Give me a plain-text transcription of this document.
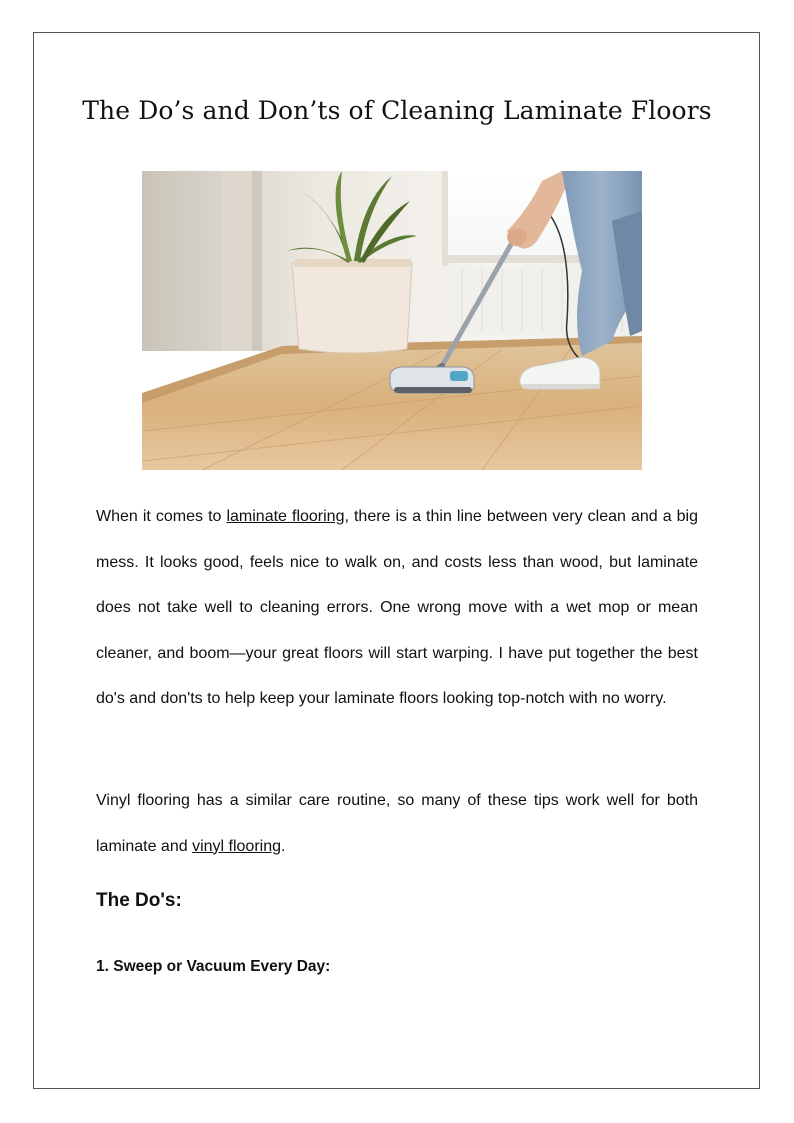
The Do’s and Don’ts of Cleaning Laminate Floors

When it comes to laminate flooring, there is a thin line between very clean and a big mess. It looks good, feels nice to walk on, and costs less than wood, but laminate does not take well to cleaning errors. One wrong move with a wet mop or mean cleaner, and boom—your great floors will start warping. I have put together the best do's and don'ts to help keep your laminate floors looking top-notch with no worry.

Vinyl flooring has a similar care routine, so many of these tips work well for both laminate and vinyl flooring.

The Do's:
1. Sweep or Vacuum Every Day:
